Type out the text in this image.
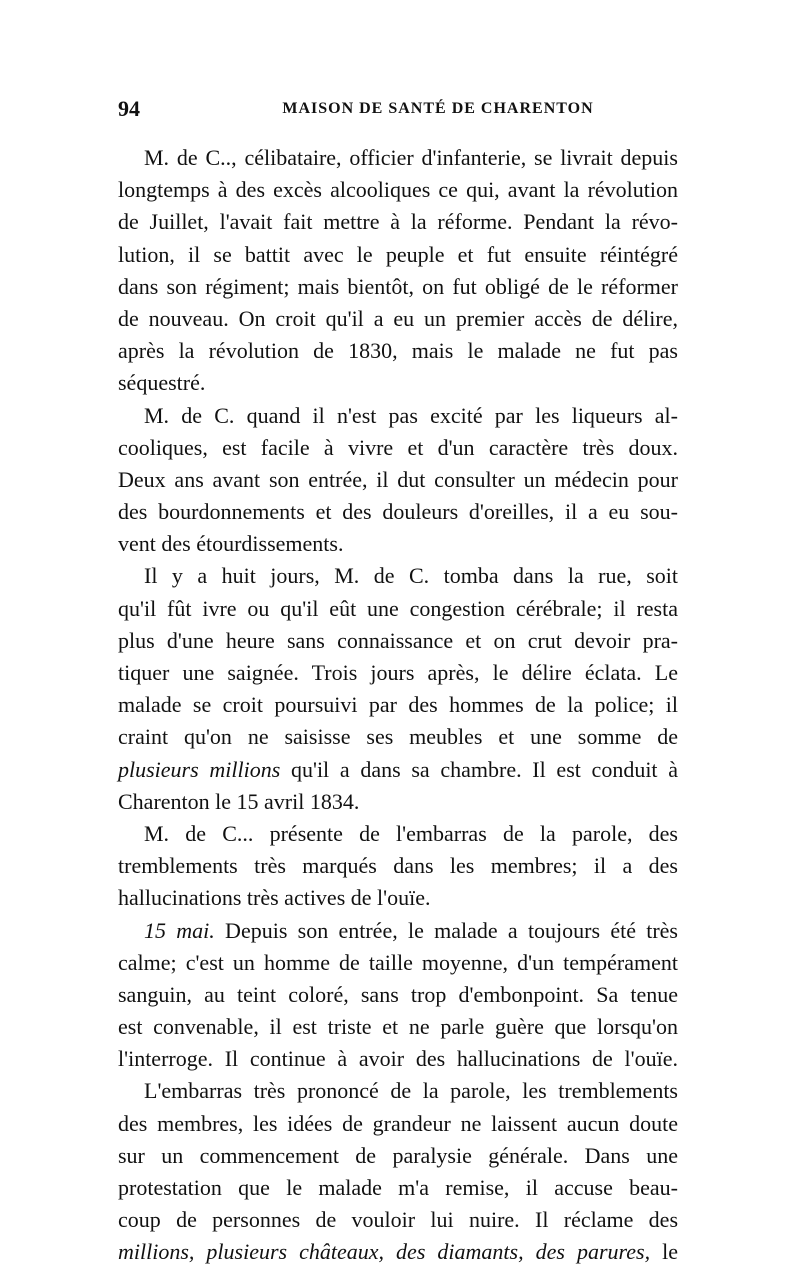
94	MAISON DE SANTÉ DE CHARENTON
M. de C.., célibataire, officier d'infanterie, se livrait depuis
longtemps à des excès alcooliques ce qui, avant la révolution
de Juillet, l'avait fait mettre à la réforme. Pendant la révo-
lution, il se battit avec le peuple et fut ensuite réintégré
dans son régiment; mais bientôt, on fut obligé de le réformer
de nouveau. On croit qu'il a eu un premier accès de délire,
après la révolution de 1830, mais le malade ne fut pas
séquestré.
M. de C. quand il n'est pas excité par les liqueurs al-
cooliques, est facile à vivre et d'un caractère très doux.
Deux ans avant son entrée, il dut consulter un médecin pour
des bourdonnements et des douleurs d'oreilles, il a eu sou-
vent des étourdissements.
Il y a huit jours, M. de C. tomba dans la rue, soit
qu'il fût ivre ou qu'il eût une congestion cérébrale; il resta
plus d'une heure sans connaissance et on crut devoir pra-
tiquer une saignée. Trois jours après, le délire éclata. Le
malade se croit poursuivi par des hommes de la police; il
craint qu'on ne saisisse ses meubles et une somme de
plusieurs millions qu'il a dans sa chambre. Il est conduit à
Charenton le 15 avril 1834.
M. de C... présente de l'embarras de la parole, des
tremblements très marqués dans les membres; il a des
hallucinations très actives de l'ouïe.
15 mai. Depuis son entrée, le malade a toujours été très
calme; c'est un homme de taille moyenne, d'un tempérament
sanguin, au teint coloré, sans trop d'embonpoint. Sa tenue
est convenable, il est triste et ne parle guère que lorsqu'on
l'interroge. Il continue à avoir des hallucinations de l'ouïe.
L'embarras très prononcé de la parole, les tremblements
des membres, les idées de grandeur ne laissent aucun doute
sur un commencement de paralysie générale. Dans une
protestation que le malade m'a remise, il accuse beau-
coup de personnes de vouloir lui nuire. Il réclame des
millions, plusieurs châteaux, des diamants, des parures, le
